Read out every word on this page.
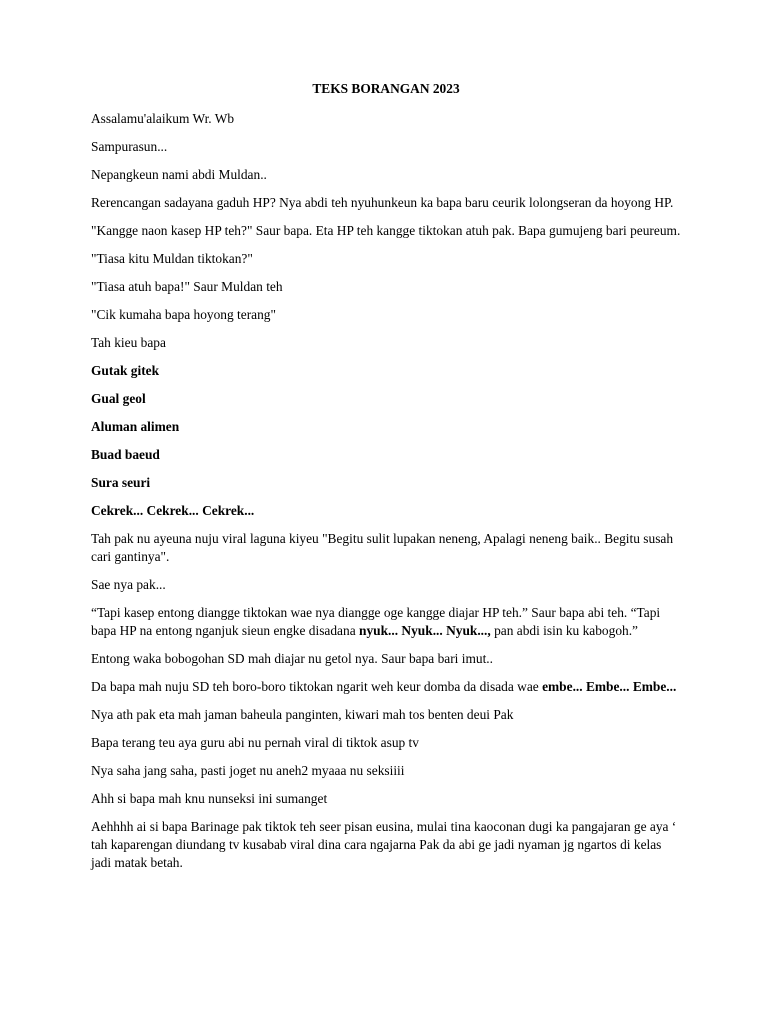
TEKS BORANGAN 2023

Assalamu'alaikum Wr. Wb

Sampurasun...

Nepangkeun nami abdi Muldan..

Rerencangan sadayana gaduh HP? Nya abdi teh nyuhunkeun ka bapa baru ceurik lolongseran da hoyong HP.

"Kangge naon kasep HP teh?" Saur bapa. Eta HP teh kangge tiktokan atuh pak. Bapa gumujeng bari peureum.

"Tiasa kitu Muldan tiktokan?"

"Tiasa atuh bapa!" Saur Muldan teh

"Cik kumaha bapa hoyong terang"

Tah kieu bapa

Gutak gitek

Gual geol

Aluman alimen

Buad baeud

Sura seuri

Cekrek... Cekrek... Cekrek...

Tah pak nu ayeuna nuju viral laguna kiyeu "Begitu sulit lupakan neneng, Apalagi neneng baik.. Begitu susah cari gantinya".

Sae nya pak...

“Tapi kasep entong diangge tiktokan wae nya diangge oge kangge diajar HP teh.” Saur bapa abi teh. “Tapi bapa HP na entong nganjuk sieun engke disadana nyuk... Nyuk... Nyuk..., pan abdi isin ku kabogoh.”

Entong waka bobogohan SD mah diajar nu getol nya. Saur bapa bari imut..

Da bapa mah nuju SD teh boro-boro tiktokan ngarit weh keur domba da disada wae embe... Embe... Embe...

Nya ath pak eta mah jaman baheula panginten, kiwari mah tos benten deui Pak

Bapa terang teu aya guru abi nu pernah viral di tiktok asup tv

Nya saha jang saha, pasti joget nu aneh2 myaaa nu seksiiii

Ahh si bapa mah knu nunseksi ini sumanget

Aehhhh ai si bapa Barinage pak tiktok teh seer pisan eusina, mulai tina kaoconan dugi ka pangajaran ge aya ‘ tah kaparengan diundang tv kusabab viral dina cara ngajarna Pak da abi ge jadi nyaman jg ngartos di kelas jadi matak betah.
